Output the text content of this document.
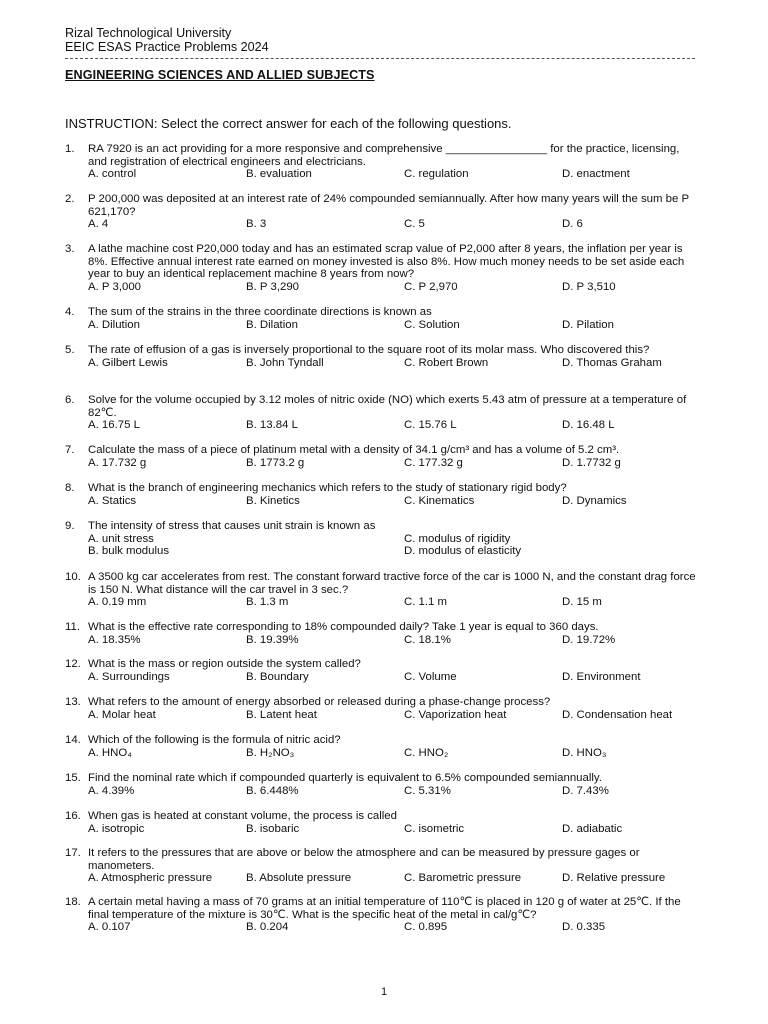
Rizal Technological University
EEIC ESAS Practice Problems 2024
ENGINEERING SCIENCES AND ALLIED SUBJECTS
INSTRUCTION: Select the correct answer for each of the following questions.
1. RA 7920 is an act providing for a more responsive and comprehensive ________________ for the practice, licensing, and registration of electrical engineers and electricians.
A. control	B. evaluation	C. regulation	D. enactment
2. P 200,000 was deposited at an interest rate of 24% compounded semiannually. After how many years will the sum be P 621,170?
A. 4	B. 3	C. 5	D. 6
3. A lathe machine cost P20,000 today and has an estimated scrap value of P2,000 after 8 years, the inflation per year is 8%. Effective annual interest rate earned on money invested is also 8%. How much money needs to be set aside each year to buy an identical replacement machine 8 years from now?
A. P 3,000	B. P 3,290	C. P 2,970	D. P 3,510
4. The sum of the strains in the three coordinate directions is known as
A. Dilution	B. Dilation	C. Solution	D. Pilation
5. The rate of effusion of a gas is inversely proportional to the square root of its molar mass. Who discovered this?
A. Gilbert Lewis	B. John Tyndall	C. Robert Brown	D. Thomas Graham
6. Solve for the volume occupied by 3.12 moles of nitric oxide (NO) which exerts 5.43 atm of pressure at a temperature of 82℃.
A. 16.75 L	B. 13.84 L	C. 15.76 L	D. 16.48 L
7. Calculate the mass of a piece of platinum metal with a density of 34.1 g/cm³ and has a volume of 5.2 cm³.
A. 17.732 g	B. 1773.2 g	C. 177.32 g	D. 1.7732 g
8. What is the branch of engineering mechanics which refers to the study of stationary rigid body?
A. Statics	B. Kinetics	C. Kinematics	D. Dynamics
9. The intensity of stress that causes unit strain is known as
A. unit stress	C. modulus of rigidity
B. bulk modulus	D. modulus of elasticity
10. A 3500 kg car accelerates from rest. The constant forward tractive force of the car is 1000 N, and the constant drag force is 150 N. What distance will the car travel in 3 sec.?
A. 0.19 mm	B. 1.3 m	C. 1.1 m	D. 15 m
11. What is the effective rate corresponding to 18% compounded daily? Take 1 year is equal to 360 days.
A. 18.35%	B. 19.39%	C. 18.1%	D. 19.72%
12. What is the mass or region outside the system called?
A. Surroundings	B. Boundary	C. Volume	D. Environment
13. What refers to the amount of energy absorbed or released during a phase-change process?
A. Molar heat	B. Latent heat	C. Vaporization heat	D. Condensation heat
14. Which of the following is the formula of nitric acid?
A. HNO₄	B. H₂NO₃	C. HNO₂	D. HNO₃
15. Find the nominal rate which if compounded quarterly is equivalent to 6.5% compounded semiannually.
A. 4.39%	B. 6.448%	C. 5.31%	D. 7.43%
16. When gas is heated at constant volume, the process is called
A. isotropic	B. isobaric	C. isometric	D. adiabatic
17. It refers to the pressures that are above or below the atmosphere and can be measured by pressure gages or manometers.
A. Atmospheric pressure	B. Absolute pressure	C. Barometric pressure	D. Relative pressure
18. A certain metal having a mass of 70 grams at an initial temperature of 110℃ is placed in 120 g of water at 25℃. If the final temperature of the mixture is 30℃. What is the specific heat of the metal in cal/g℃?
A. 0.107	B. 0.204	C. 0.895	D. 0.335
1
